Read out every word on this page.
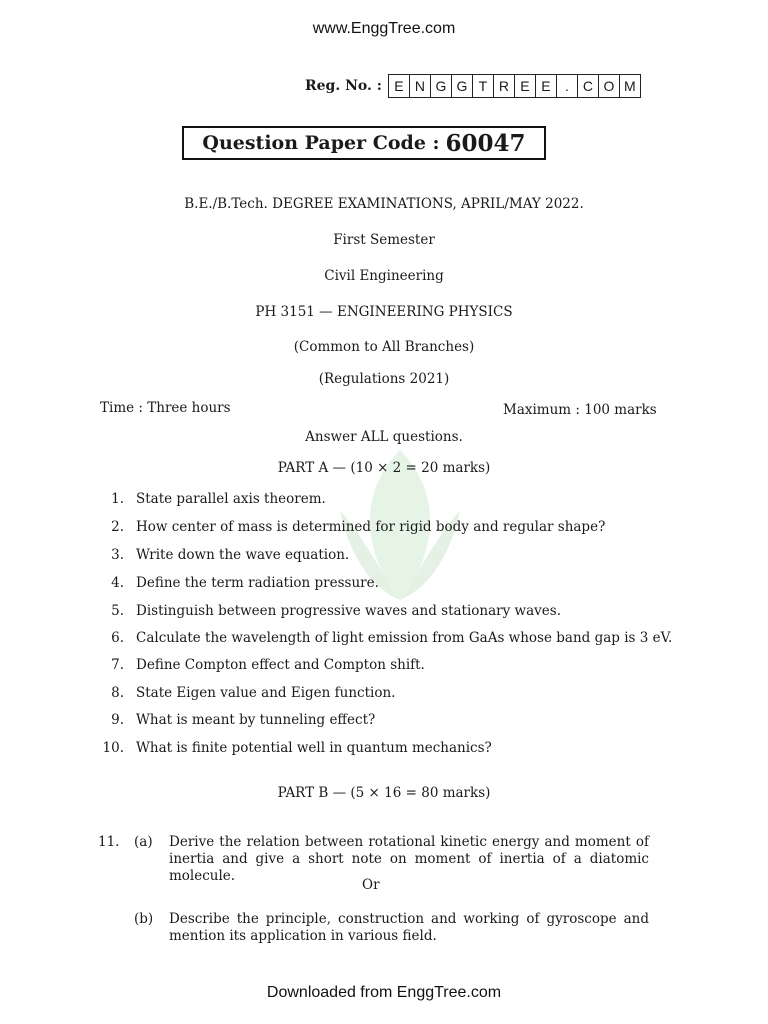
www.EnggTree.com
Reg. No. : E N G G T R E E	.	C O M
Question Paper Code : 60047
B.E./B.Tech. DEGREE EXAMINATIONS, APRIL/MAY 2022.
First Semester
Civil Engineering
PH 3151 — ENGINEERING PHYSICS
(Common to All Branches)
(Regulations 2021)
Time : Three hours	Maximum : 100 marks
Answer ALL questions.
PART A — (10 × 2 = 20 marks)
1. State parallel axis theorem.
2. How center of mass is determined for rigid body and regular shape?
3. Write down the wave equation.
4. Define the term radiation pressure.
5. Distinguish between progressive waves and stationary waves.
6. Calculate the wavelength of light emission from GaAs whose band gap is 3 eV.
7. Define Compton effect and Compton shift.
8. State Eigen value and Eigen function.
9. What is meant by tunneling effect?
10. What is finite potential well in quantum mechanics?
PART B — (5 × 16 = 80 marks)
11. (a) Derive the relation between rotational kinetic energy and moment of inertia and give a short note on moment of inertia of a diatomic molecule.
Or
(b) Describe the principle, construction and working of gyroscope and mention its application in various field.
Downloaded from EnggTree.com
